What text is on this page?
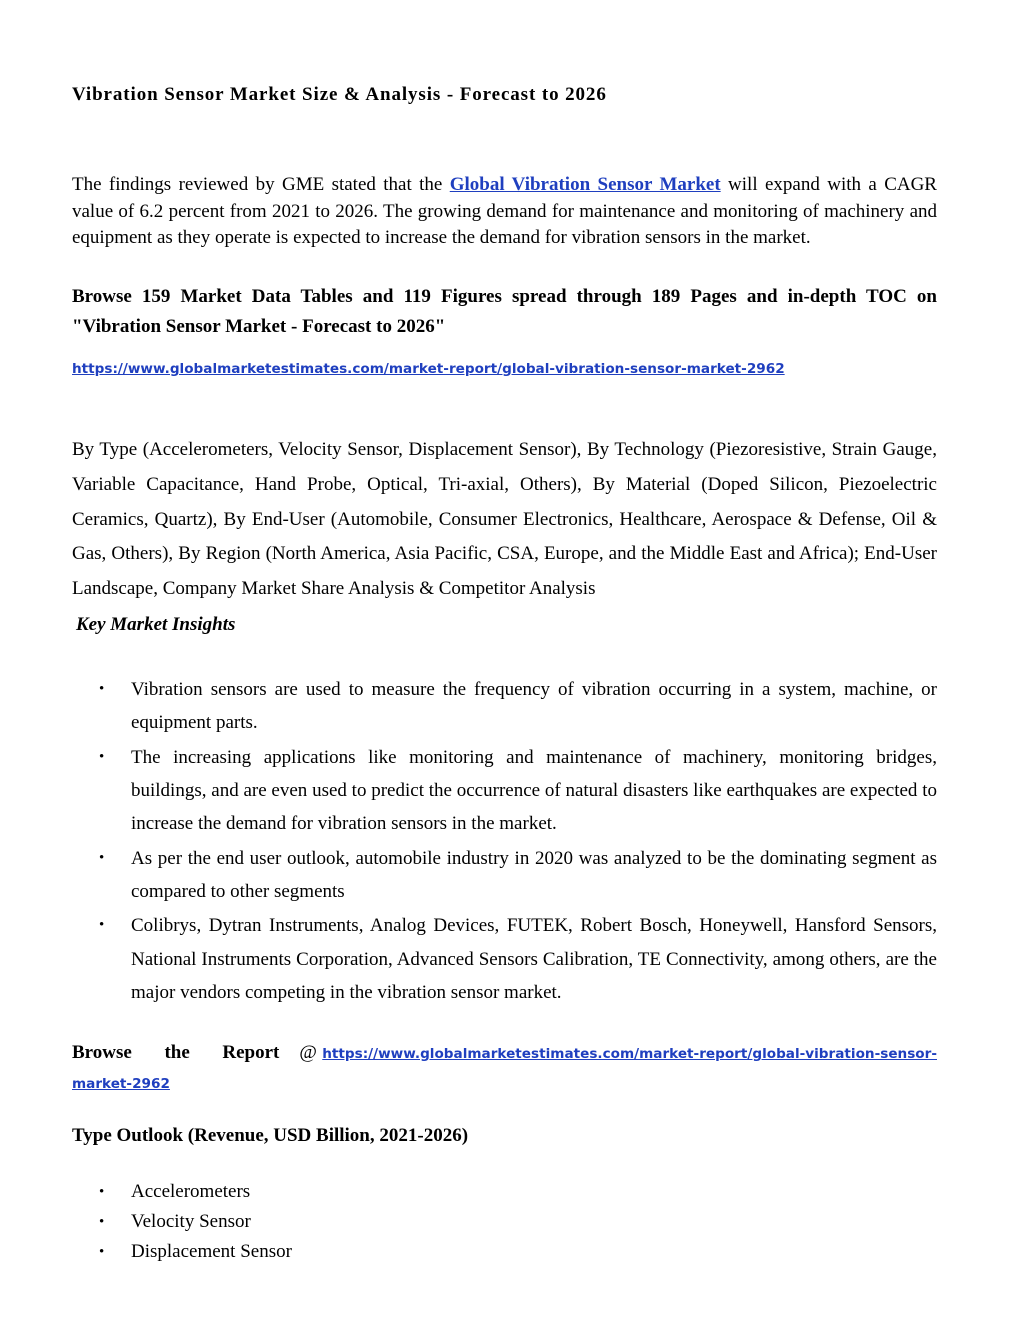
Vibration Sensor Market Size & Analysis - Forecast to 2026

The findings reviewed by GME stated that the Global Vibration Sensor Market will expand with a CAGR value of 6.2 percent from 2021 to 2026. The growing demand for maintenance and monitoring of machinery and equipment as they operate is expected to increase the demand for vibration sensors in the market.

Browse 159 Market Data Tables and 119 Figures spread through 189 Pages and in-depth TOC on
"Vibration Sensor Market - Forecast to 2026"
https://www.globalmarketestimates.com/market-report/global-vibration-sensor-market-2962

By Type (Accelerometers, Velocity Sensor, Displacement Sensor), By Technology (Piezoresistive, Strain Gauge, Variable Capacitance, Hand Probe, Optical, Tri-axial, Others), By Material (Doped Silicon, Piezoelectric Ceramics, Quartz), By End-User (Automobile, Consumer Electronics, Healthcare, Aerospace & Defense, Oil & Gas, Others), By Region (North America, Asia Pacific, CSA, Europe, and the Middle East and Africa); End-User Landscape, Company Market Share Analysis & Competitor Analysis

Key Market Insights
• Vibration sensors are used to measure the frequency of vibration occurring in a system, machine, or equipment parts.
• The increasing applications like monitoring and maintenance of machinery, monitoring bridges, buildings, and are even used to predict the occurrence of natural disasters like earthquakes are expected to increase the demand for vibration sensors in the market.
• As per the end user outlook, automobile industry in 2020 was analyzed to be the dominating segment as compared to other segments
• Colibrys, Dytran Instruments, Analog Devices, FUTEK, Robert Bosch, Honeywell, Hansford Sensors, National Instruments Corporation, Advanced Sensors Calibration, TE Connectivity, among others, are the major vendors competing in the vibration sensor market.
Browse the Report @ https://www.globalmarketestimates.com/market-report/global-vibration-sensor-
market-2962
Type Outlook (Revenue, USD Billion, 2021-2026)
• Accelerometers
• Velocity Sensor
• Displacement Sensor
